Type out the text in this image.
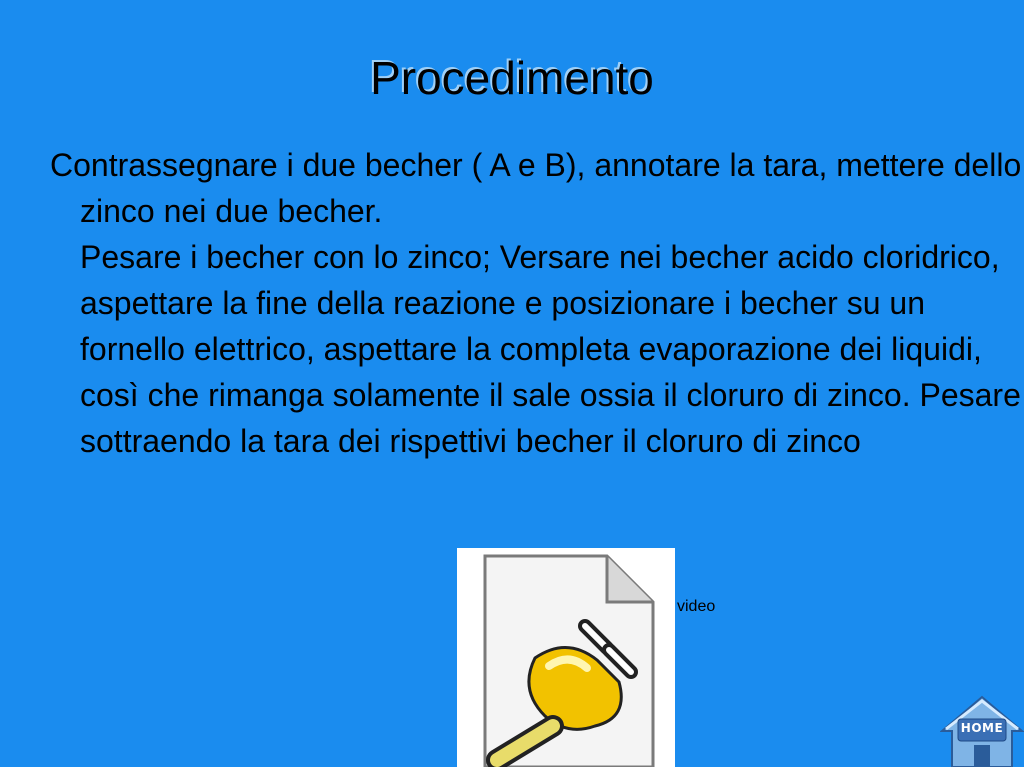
Procedimento
Contrassegnare i due becher ( A e B), annotare la tara, mettere dello zinco nei due becher.
Pesare i becher con lo zinco; Versare nei becher acido cloridrico, aspettare la fine della reazione e posizionare i becher su un fornello elettrico, aspettare la completa evaporazione dei liquidi, così che rimanga solamente il sale ossia il cloruro di zinco. Pesare sottraendo la tara dei rispettivi becher il cloruro di zinco
video
HOME
